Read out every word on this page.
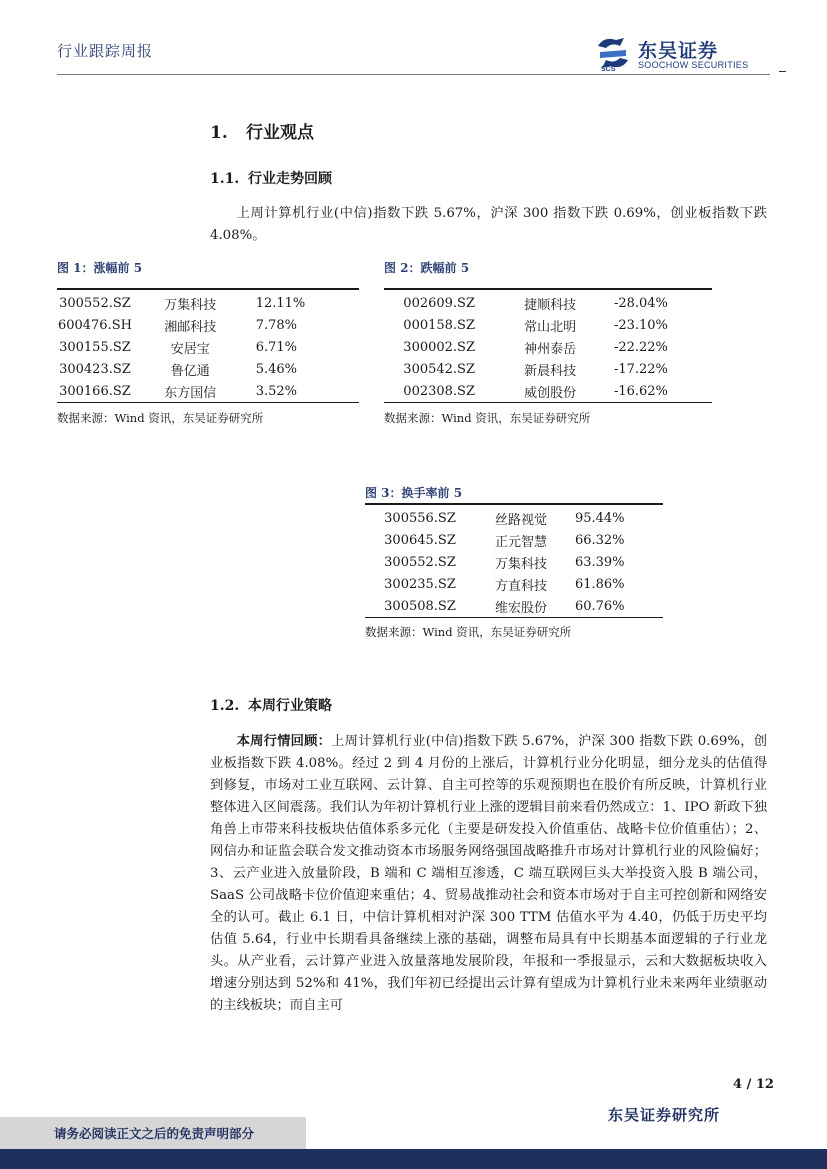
行业跟踪周报
SCS
东吴证券
SOOCHOW SECURITIES
1. 行业观点
1.1. 行业走势回顾

上周计算机行业(中信)指数下跌 5.67%，沪深 300 指数下跌 0.69%，创业板指数下跌 4.08%。

图 1：涨幅前 5
300552.SZ	万集科技	12.11%
600476.SH	湘邮科技	7.78%
300155.SZ	安居宝	6.71%
300423.SZ	鲁亿通	5.46%
300166.SZ	东方国信	3.52%
数据来源：Wind 资讯，东吴证券研究所
图 2：跌幅前 5
002609.SZ	捷顺科技	-28.04%
000158.SZ	常山北明	-23.10%
300002.SZ	神州泰岳	-22.22%
300542.SZ	新晨科技	-17.22%
002308.SZ	威创股份	-16.62%
数据来源：Wind 资讯，东吴证券研究所
图 3：换手率前 5
300556.SZ	丝路视觉	95.44%
300645.SZ	正元智慧	66.32%
300552.SZ	万集科技	63.39%
300235.SZ	方直科技	61.86%
300508.SZ	维宏股份	60.76%
数据来源：Wind 资讯，东吴证券研究所
1.2. 本周行业策略

本周行情回顾：上周计算机行业(中信)指数下跌 5.67%，沪深 300 指数下跌 0.69%，创业板指数下跌 4.08%。经过 2 到 4 月份的上涨后，计算机行业分化明显，细分龙头的估值得到修复，市场对工业互联网、云计算、自主可控等的乐观预期也在股价有所反映，计算机行业整体进入区间震荡。我们认为年初计算机行业上涨的逻辑目前来看仍然成立：1、IPO 新政下独角兽上市带来科技板块估值体系多元化（主要是研发投入价值重估、战略卡位价值重估）；2、网信办和证监会联合发文推动资本市场服务网络强国战略推升市场对计算机行业的风险偏好；3、云产业进入放量阶段，B 端和 C 端相互渗透，C 端互联网巨头大举投资入股 B 端公司，SaaS 公司战略卡位价值迎来重估；4、贸易战推动社会和资本市场对于自主可控创新和网络安全的认可。截止 6.1 日，中信计算机相对沪深 300 TTM 估值水平为 4.40，仍低于历史平均估值 5.64，行业中长期看具备继续上涨的基础，调整布局具有中长期基本面逻辑的子行业龙头。从产业看，云计算产业进入放量落地发展阶段，年报和一季报显示，云和大数据板块收入增速分别达到 52%和 41%，我们年初已经提出云计算有望成为计算机行业未来两年业绩驱动的主线板块；而自主可

4 / 12
东吴证券研究所
请务必阅读正文之后的免责声明部分
